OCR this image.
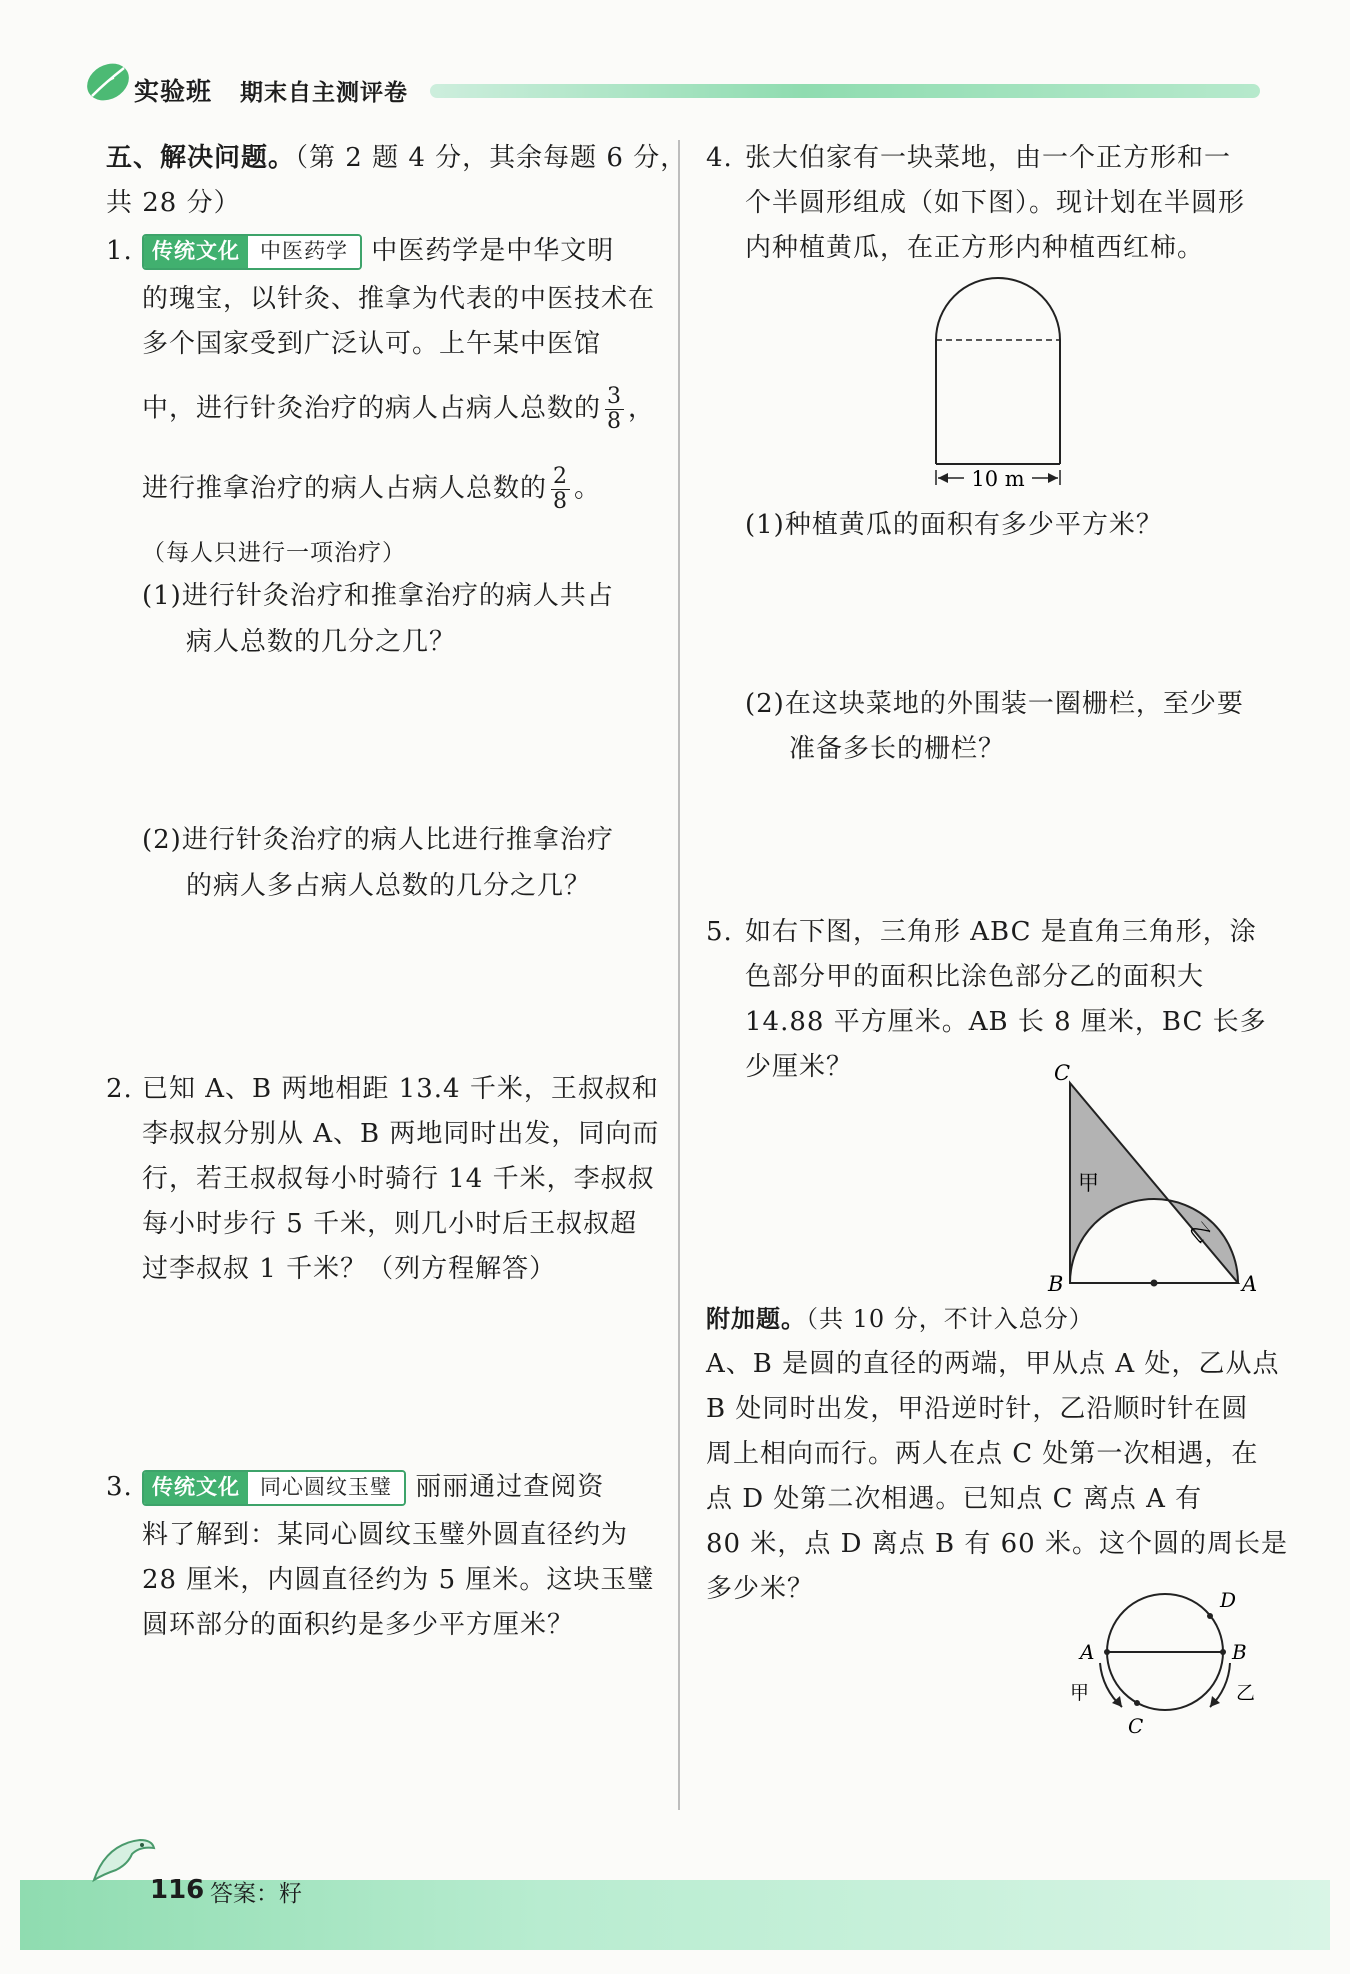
实验班 期末自主测评卷
五、解决问题。（第 2 题 4 分，其余每题 6 分，
共 28 分）
1. 传统文化 中医药学 中医药学是中华文明
的瑰宝，以针灸、推拿为代表的中医技术在
多个国家受到广泛认可。上午某中医馆
中，进行针灸治疗的病人占病人总数的 $\frac{3}{8}$ ，
进行推拿治疗的病人占病人总数的 $\frac{2}{8}$ 。
（每人只进行一项治疗）
(1)进行针灸治疗和推拿治疗的病人共占
病人总数的几分之几？
(2)进行针灸治疗的病人比进行推拿治疗
的病人多占病人总数的几分之几？
2. 已知 A、B 两地相距 13.4 千米，王叔叔和
李叔叔分别从 A、B 两地同时出发，同向而
行，若王叔叔每小时骑行 14 千米，李叔叔
每小时步行 5 千米，则几小时后王叔叔超
过李叔叔 1 千米？（列方程解答）
3. 传统文化 同心圆纹玉璧 丽丽通过查阅资
料了解到：某同心圆纹玉璧外圆直径约为
28 厘米，内圆直径约为 5 厘米。这块玉璧
圆环部分的面积约是多少平方厘米？
4. 张大伯家有一块菜地，由一个正方形和一
个半圆形组成（如下图）。现计划在半圆形
内种植黄瓜，在正方形内种植西红柿。
10 m
(1)种植黄瓜的面积有多少平方米？
(2)在这块菜地的外围装一圈栅栏，至少要
准备多长的栅栏？
5. 如右下图，三角形 ABC 是直角三角形，涂
色部分甲的面积比涂色部分乙的面积大
14.88 平方厘米。AB 长 8 厘米，BC 长多
少厘米？	C
B	A
甲
乙
附加题。（共 10 分，不计入总分）
A、B 是圆的直径的两端，甲从点 A 处，乙从点
B 处同时出发，甲沿逆时针，乙沿顺时针在圆
周上相向而行。两人在点 C 处第一次相遇，在
点 D 处第二次相遇。已知点 C 离点 A 有
80 米，点 D 离点 B 有 60 米。这个圆的周长是
多少米？
A	B
D
C
甲	乙
116 答案：籽
